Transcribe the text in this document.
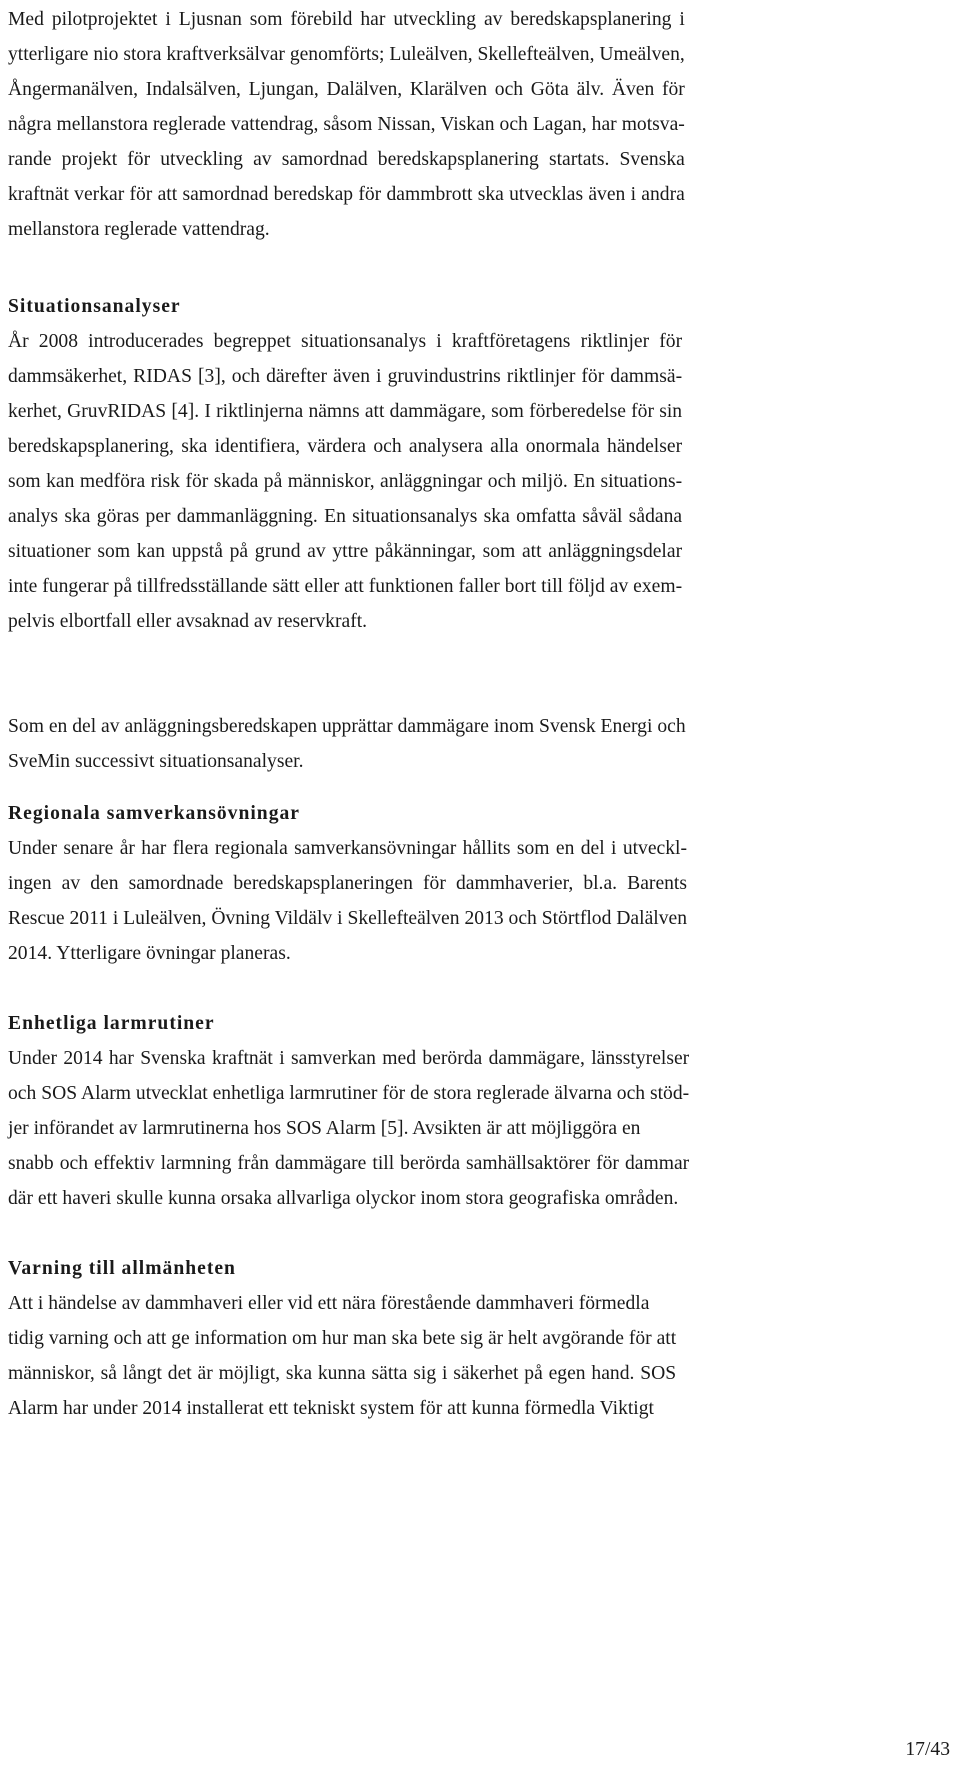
Med pilotprojektet i Ljusnan som förebild har utveckling av beredskapsplanering i
ytterligare nio stora kraftverksälvar genomförts; Luleälven, Skellefteälven, Umeälven,
Ångermanälven, Indalsälven, Ljungan, Dalälven, Klarälven och Göta älv. Även för
några mellanstora reglerade vattendrag, såsom Nissan, Viskan och Lagan, har motsva-
rande projekt för utveckling av samordnad beredskapsplanering startats. Svenska
kraftnät verkar för att samordnad beredskap för dammbrott ska utvecklas även i andra
mellanstora reglerade vattendrag.

Situationsanalyser

År 2008 introducerades begreppet situationsanalys i kraftföretagens riktlinjer för
dammsäkerhet, RIDAS [3], och därefter även i gruvindustrins riktlinjer för dammsä-
kerhet, GruvRIDAS [4]. I riktlinjerna nämns att dammägare, som förberedelse för sin
beredskapsplanering, ska identifiera, värdera och analysera alla onormala händelser
som kan medföra risk för skada på människor, anläggningar och miljö. En situations-
analys ska göras per dammanläggning. En situationsanalys ska omfatta såväl sådana
situationer som kan uppstå på grund av yttre påkänningar, som att anläggningsdelar
inte fungerar på tillfredsställande sätt eller att funktionen faller bort till följd av exem-
pelvis elbortfall eller avsaknad av reservkraft.

Som en del av anläggningsberedskapen upprättar dammägare inom Svensk Energi och
SveMin successivt situationsanalyser.

Regionala samverkansövningar

Under senare år har flera regionala samverkansövningar hållits som en del i utveckl-
ingen av den samordnade beredskapsplaneringen för dammhaverier, bl.a. Barents
Rescue 2011 i Luleälven, Övning Vildälv i Skellefteälven 2013 och Störtflod Dalälven
2014. Ytterligare övningar planeras.

Enhetliga larmrutiner

Under 2014 har Svenska kraftnät i samverkan med berörda dammägare, länsstyrelser
och SOS Alarm utvecklat enhetliga larmrutiner för de stora reglerade älvarna och stöd-
jer införandet av larmrutinerna hos SOS Alarm [5]. Avsikten är att möjliggöra en
snabb och effektiv larmning från dammägare till berörda samhällsaktörer för dammar
där ett haveri skulle kunna orsaka allvarliga olyckor inom stora geografiska områden.

Varning till allmänheten

Att i händelse av dammhaveri eller vid ett nära förestående dammhaveri förmedla
tidig varning och att ge information om hur man ska bete sig är helt avgörande för att
människor, så långt det är möjligt, ska kunna sätta sig i säkerhet på egen hand. SOS
Alarm har under 2014 installerat ett tekniskt system för att kunna förmedla Viktigt

17/43
